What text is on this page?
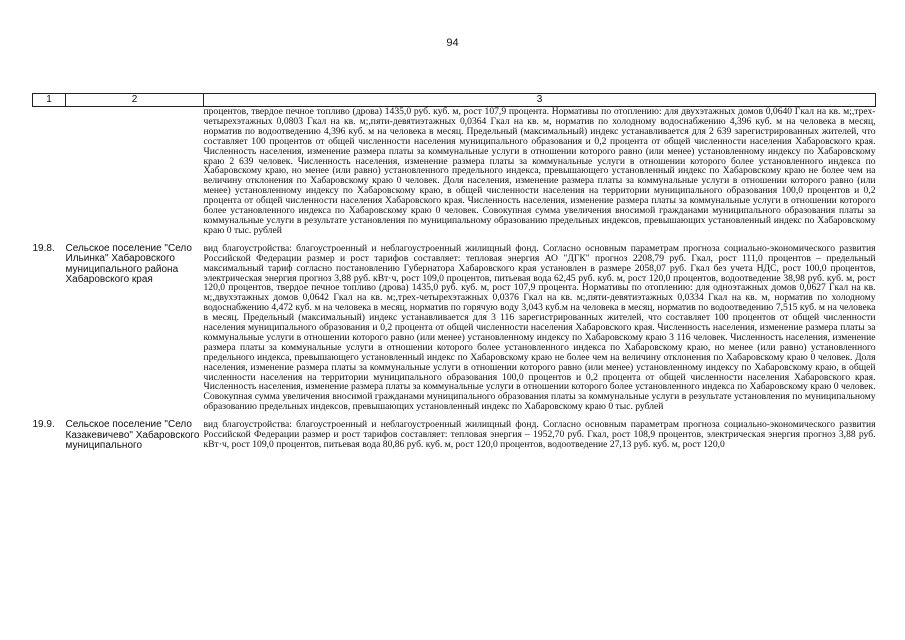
94
1	2	3

		процентов, твердое печное топливо (дрова) 1435,0 руб. куб. м, рост 107,9 процента. Нормативы по отоплению: для двухэтажных домов 0,0640 Гкал на кв. м;,трех-четырехэтажных 0,0803 Гкал на кв. м;,пяти-девятиэтажных 0,0364 Гкал на кв. м, норматив по холодному водоснабжению 4,396 куб. м на человека в месяц, норматив по водоотведению 4,396 куб. м на человека в месяц. Предельный (максимальный) индекс устанавливается для 2 639 зарегистрированных жителей, что составляет 100 процентов от общей численности населения муниципального образования и 0,2 процента от общей численности населения Хабаровского края. Численность населения, изменение размера платы за коммунальные услуги в отношении которого равно (или менее) установленному индексу по Хабаровскому краю 2 639 человек. Численность населения, изменение размера платы за коммунальные услуги в отношении которого более установленного индекса по Хабаровскому краю, но менее (или равно) установленного предельного индекса, превышающего установленный индекс по Хабаровскому краю не более чем на величину отклонения по Хабаровскому краю 0 человек. Доля населения, изменение размера платы за коммунальные услуги в отношении которого равно (или менее) установленному индексу по Хабаровскому краю, в общей численности населения на территории муниципального образования 100,0 процентов и 0,2 процента от общей численности населения Хабаровского края. Численность населения, изменение размера платы за коммунальные услуги в отношении которого более установленного индекса по Хабаровскому краю 0 человек. Совокупная сумма увеличения вносимой гражданами муниципального образования платы за коммунальные услуги в результате установления по муниципальному образованию предельных индексов, превышающих установленный индекс по Хабаровскому краю 0 тыс. рублей

19.8.	Сельское поселение "Село Ильинка" Хабаровского муниципального района Хабаровского края	вид благоустройства: благоустроенный и неблагоустроенный жилищный фонд. Согласно основным параметрам прогноза социально-экономического развития Российской Федерации размер и рост тарифов составляет: тепловая энергия АО "ДГК" прогноз 2208,79 руб. Гкал, рост 111,0 процентов – предельный максимальный тариф согласно постановлению Губернатора Хабаровского края установлен в размере 2058,07 руб. Гкал без учета НДС, рост 100,0 процентов, электрическая энергия прогноз 3,88 руб. кВт·ч, рост 109,0 процентов, питьевая вода 62,45 руб. куб. м, рост 120,0 процентов, водоотведение 38,98 руб. куб. м, рост 120,0 процентов, твердое печное топливо (дрова) 1435,0 руб. куб. м, рост 107,9 процента. Нормативы по отоплению: для одноэтажных домов 0,0627 Гкал на кв. м;,двухэтажных домов 0,0642 Гкал на кв. м;,трех-четырехэтажных 0,0376 Гкал на кв. м;,пяти-девятиэтажных 0,0334 Гкал на кв. м, норматив по холодному водоснабжению 4,472 куб. м на человека в месяц, норматив по горячую воду 3,043 куб.м на человека в месяц, норматив по водоотведению 7,515 куб. м на человека в месяц. Предельный (максимальный) индекс устанавливается для 3 116 зарегистрированных жителей, что составляет 100 процентов от общей численности населения муниципального образования и 0,2 процента от общей численности населения Хабаровского края. Численность населения, изменение размера платы за коммунальные услуги в отношении которого равно (или менее) установленному индексу по Хабаровскому краю 3 116 человек. Численность населения, изменение размера платы за коммунальные услуги в отношении которого более установленного индекса по Хабаровскому краю, но менее (или равно) установленного предельного индекса, превышающего установленный индекс по Хабаровскому краю не более чем на величину отклонения по Хабаровскому краю 0 человек. Доля населения, изменение размера платы за коммунальные услуги в отношении которого равно (или менее) установленному индексу по Хабаровскому краю, в общей численности населения на территории муниципального образования 100,0 процентов и 0,2 процента от общей численности населения Хабаровского края. Численность населения, изменение размера платы за коммунальные услуги в отношении которого более установленного индекса по Хабаровскому краю 0 человек. Совокупная сумма увеличения вносимой гражданами муниципального образования платы за коммунальные услуги в результате установления по муниципальному образованию предельных индексов, превышающих установленный индекс по Хабаровскому краю 0 тыс. рублей

19.9.	Сельское поселение "Село Казакевичево" Хабаровского муниципального	вид благоустройства: благоустроенный и неблагоустроенный жилищный фонд. Согласно основным параметрам прогноза социально-экономического развития Российской Федерации размер и рост тарифов составляет: тепловая энергия – 1952,70 руб. Гкал, рост 108,9 процентов, электрическая энергия прогноз 3,88 руб. кВт·ч, рост 109,0 процентов, питьевая вода 80,86 руб. куб. м, рост 120,0 процентов, водоотведение 27,13 руб. куб. м, рост 120,0
